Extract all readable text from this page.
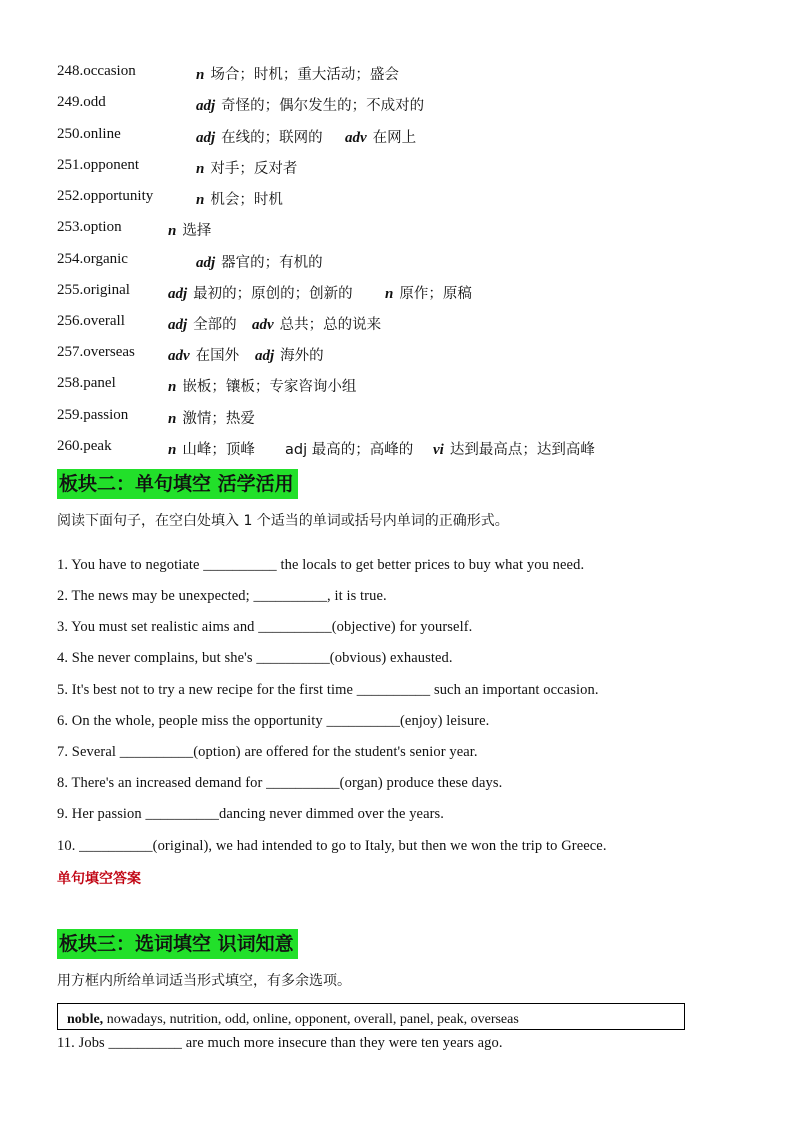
248.occasion	n 场合；时机；重大活动；盛会
249.odd	adj 奇怪的；偶尔发生的；不成对的
250.online	adj 在线的；联网的 adv 在网上
251.opponent	n 对手；反对者
252.opportunity	n 机会；时机
253.option	n 选择
254.organic	adj 器官的；有机的
255.original	adj 最初的；原创的；创新的 n 原作；原稿
256.overall	adj 全部的 adv 总共；总的说来
257.overseas adv 在国外 adj 海外的
258.panel	n 嵌板；镶板；专家咨询小组
259.passion	n 激情；热爱
260.peak	n 山峰；顶峰 adj 最高的；高峰的 vi 达到最高点；达到高峰
板块二：单句填空 活学活用
阅读下面句子，在空白处填入 1 个适当的单词或括号内单词的正确形式。
1. You have to negotiate __________ the locals to get better prices to buy what you need.
2. The news may be unexpected; __________, it is true.
3. You must set realistic aims and __________(objective) for yourself.
4. She never complains, but she's __________(obvious) exhausted.
5. It's best not to try a new recipe for the first time __________ such an important occasion.
6. On the whole, people miss the opportunity __________(enjoy) leisure.
7. Several __________(option) are offered for the student's senior year.
8. There's an increased demand for __________(organ) produce these days.
9. Her passion __________dancing never dimmed over the years.
10. __________(original), we had intended to go to Italy, but then we won the trip to Greece.
单句填空答案
板块三：选词填空 识词知意
用方框内所给单词适当形式填空，有多余选项。
noble, nowadays, nutrition, odd, online, opponent, overall, panel, peak, overseas
11. Jobs __________ are much more insecure than they were ten years ago.
